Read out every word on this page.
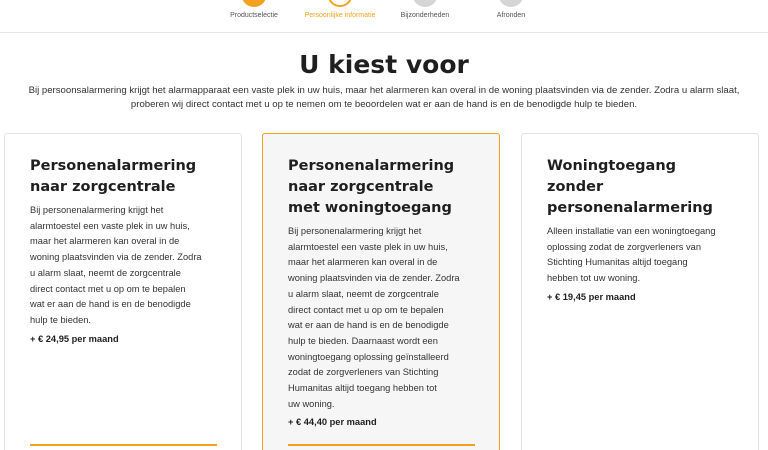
Productselectie	Persoonlijke informatie	Bijzonderheden	Afronden
U kiest voor
Bij persoonsalarmering krijgt het alarmapparaat een vaste plek in uw huis, maar het alarmeren kan overal in de woning plaatsvinden via de zender. Zodra u alarm slaat,
proberen wij direct contact met u op te nemen om te beoordelen wat er aan de hand is en de benodigde hulp te bieden.
Personenalarmering
naar zorgcentrale
Bij personenalarmering krijgt het
alarmtoestel een vaste plek in uw huis,
maar het alarmeren kan overal in de
woning plaatsvinden via de zender. Zodra
u alarm slaat, neemt de zorgcentrale
direct contact met u op om te bepalen
wat er aan de hand is en de benodigde
hulp te bieden.
+ € 24,95 per maand
Personenalarmering
naar zorgcentrale
met woningtoegang
Bij personenalarmering krijgt het
alarmtoestel een vaste plek in uw huis,
maar het alarmeren kan overal in de
woning plaatsvinden via de zender. Zodra
u alarm slaat, neemt de zorgcentrale
direct contact met u op om te bepalen
wat er aan de hand is en de benodigde
hulp te bieden. Daarnaast wordt een
woningtoegang oplossing geïnstalleerd
zodat de zorgverleners van Stichting
Humanitas altijd toegang hebben tot
uw woning.
+ € 44,40 per maand
Woningtoegang zonder
personenalarmering
Alleen installatie van een woningtoegang
oplossing zodat de zorgverleners van
Stichting Humanitas altijd toegang
hebben tot uw woning.
+ € 19,45 per maand
